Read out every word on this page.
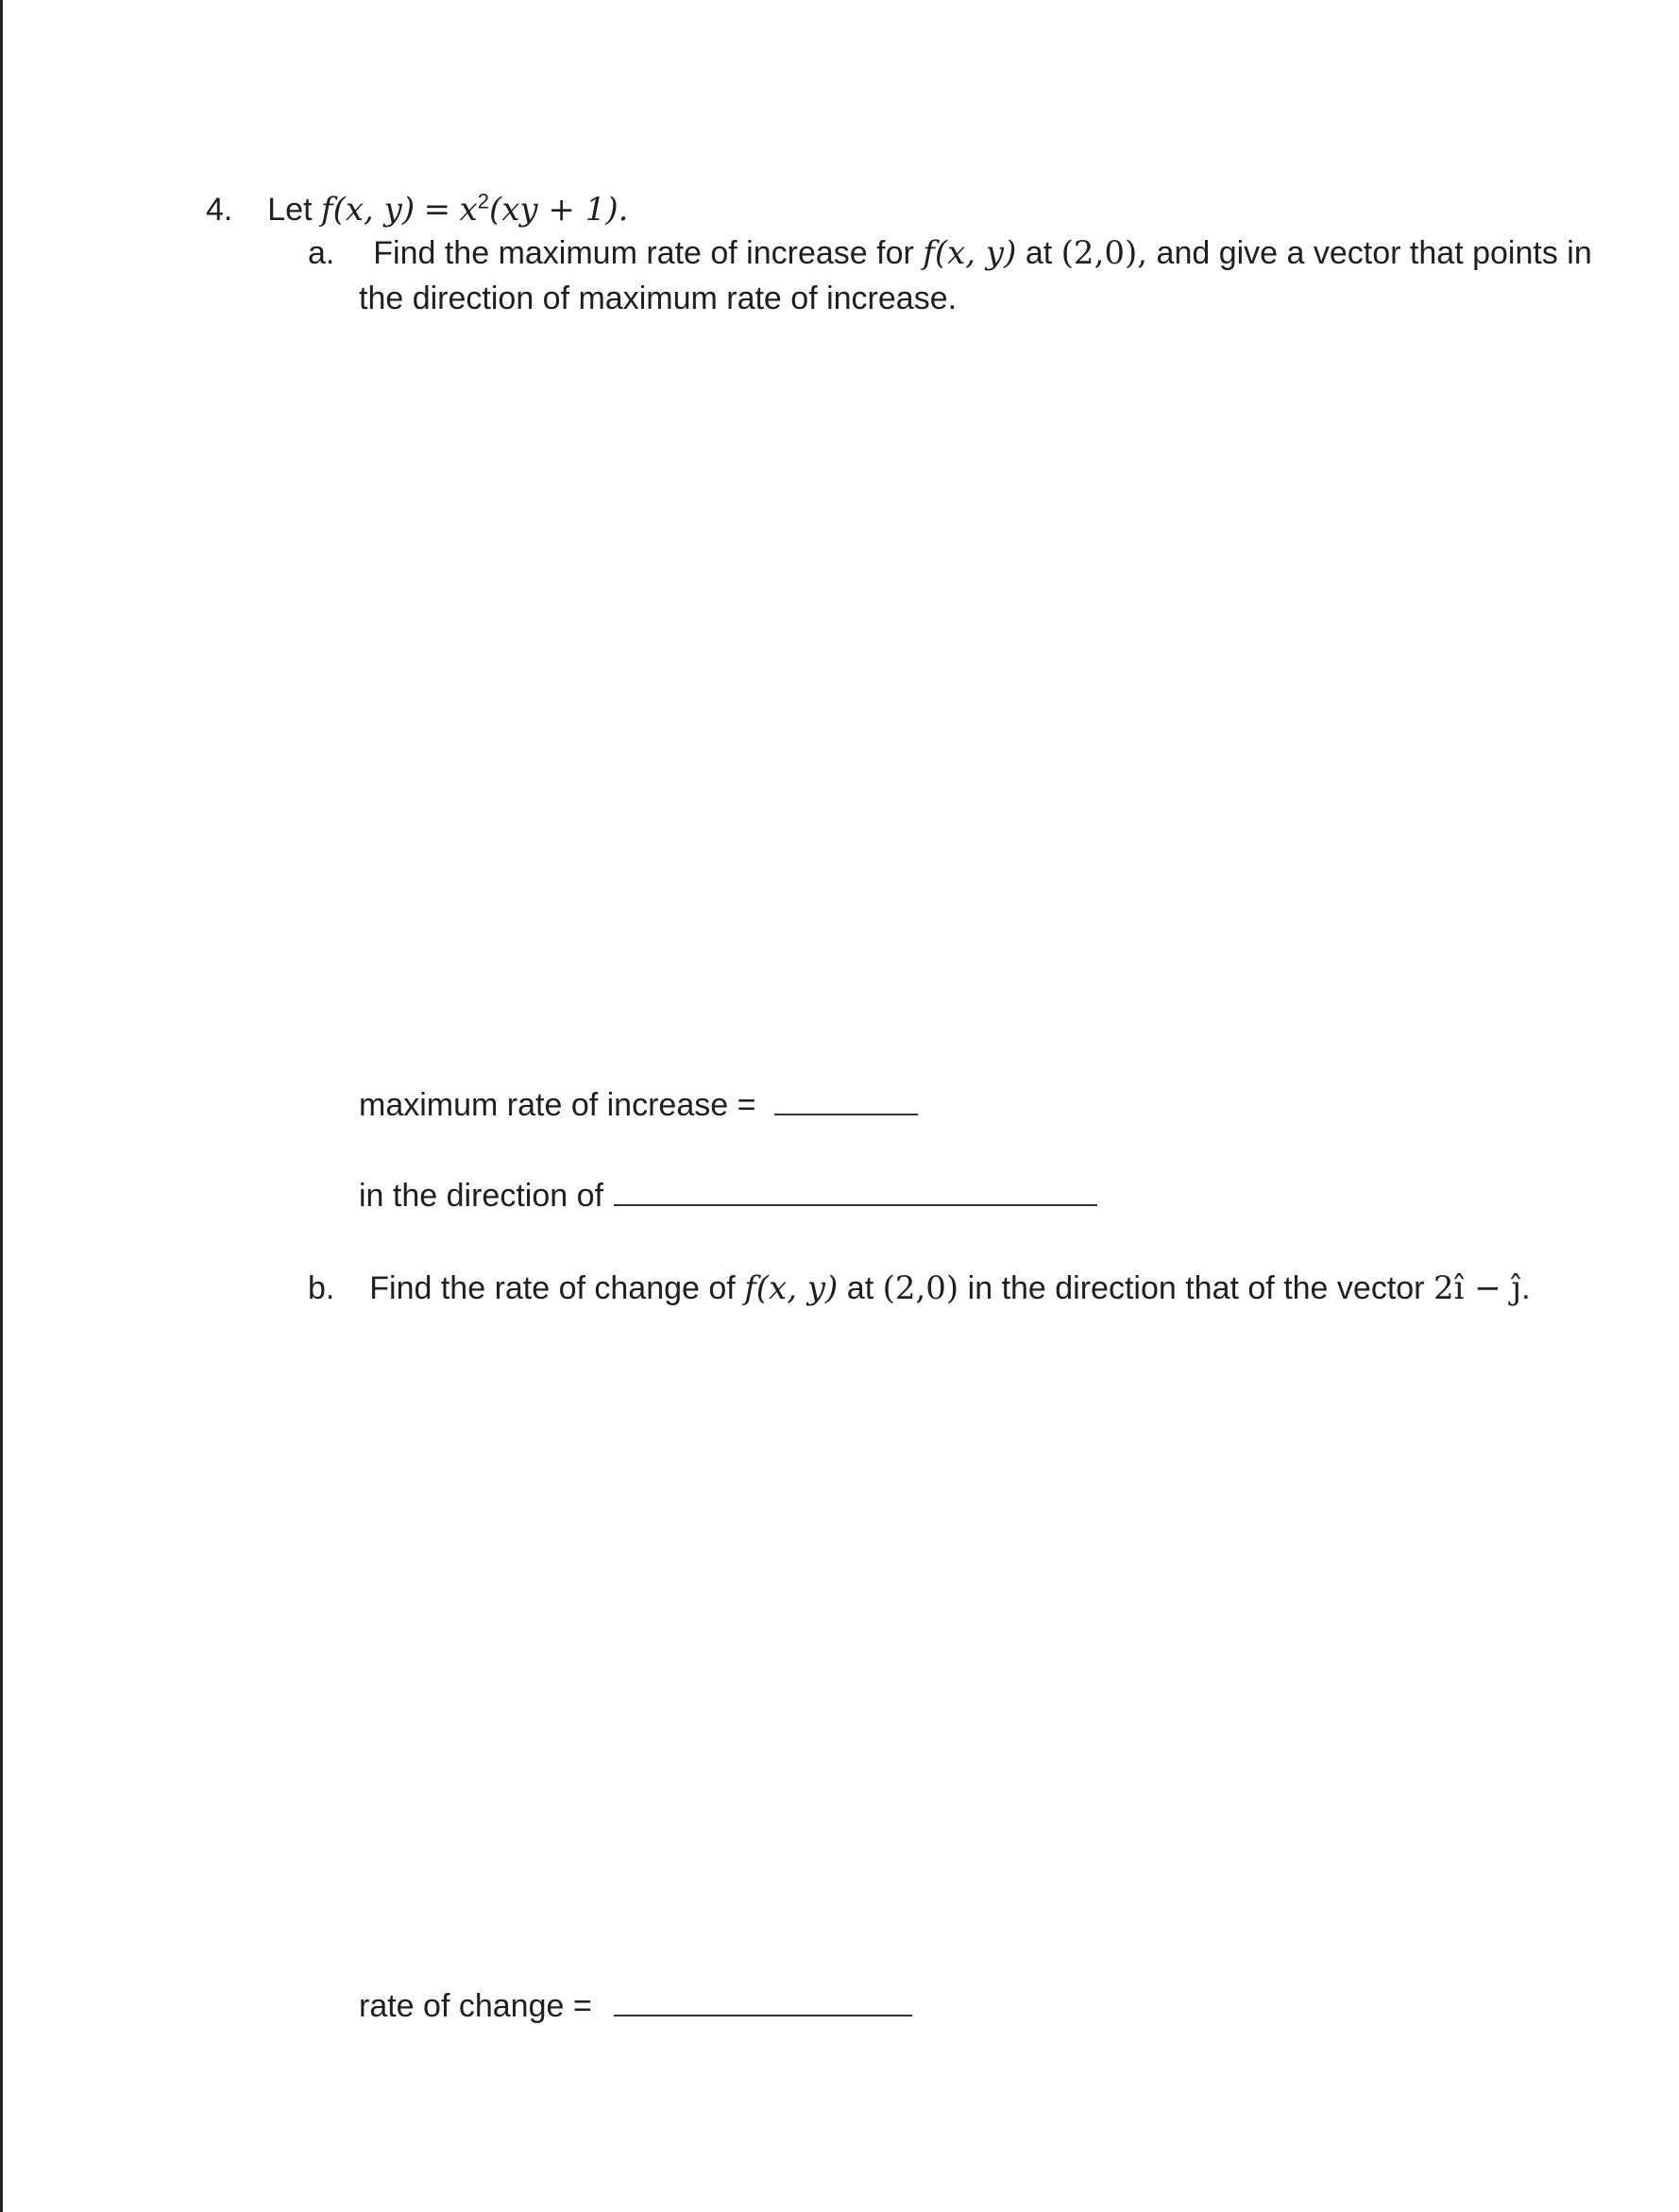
4. Let f(x, $y) = x^2(xy + 1)$.
a. Find the maximum rate of increase for f(x, y) at (2,0), and give a vector that points in
the direction of maximum rate of increase.
maximum rate of increase =
in the direction of
b. Find the rate of change of f(x, y) at (2,0) in the direction that of the vector 2î − ĵ.
rate of change =
